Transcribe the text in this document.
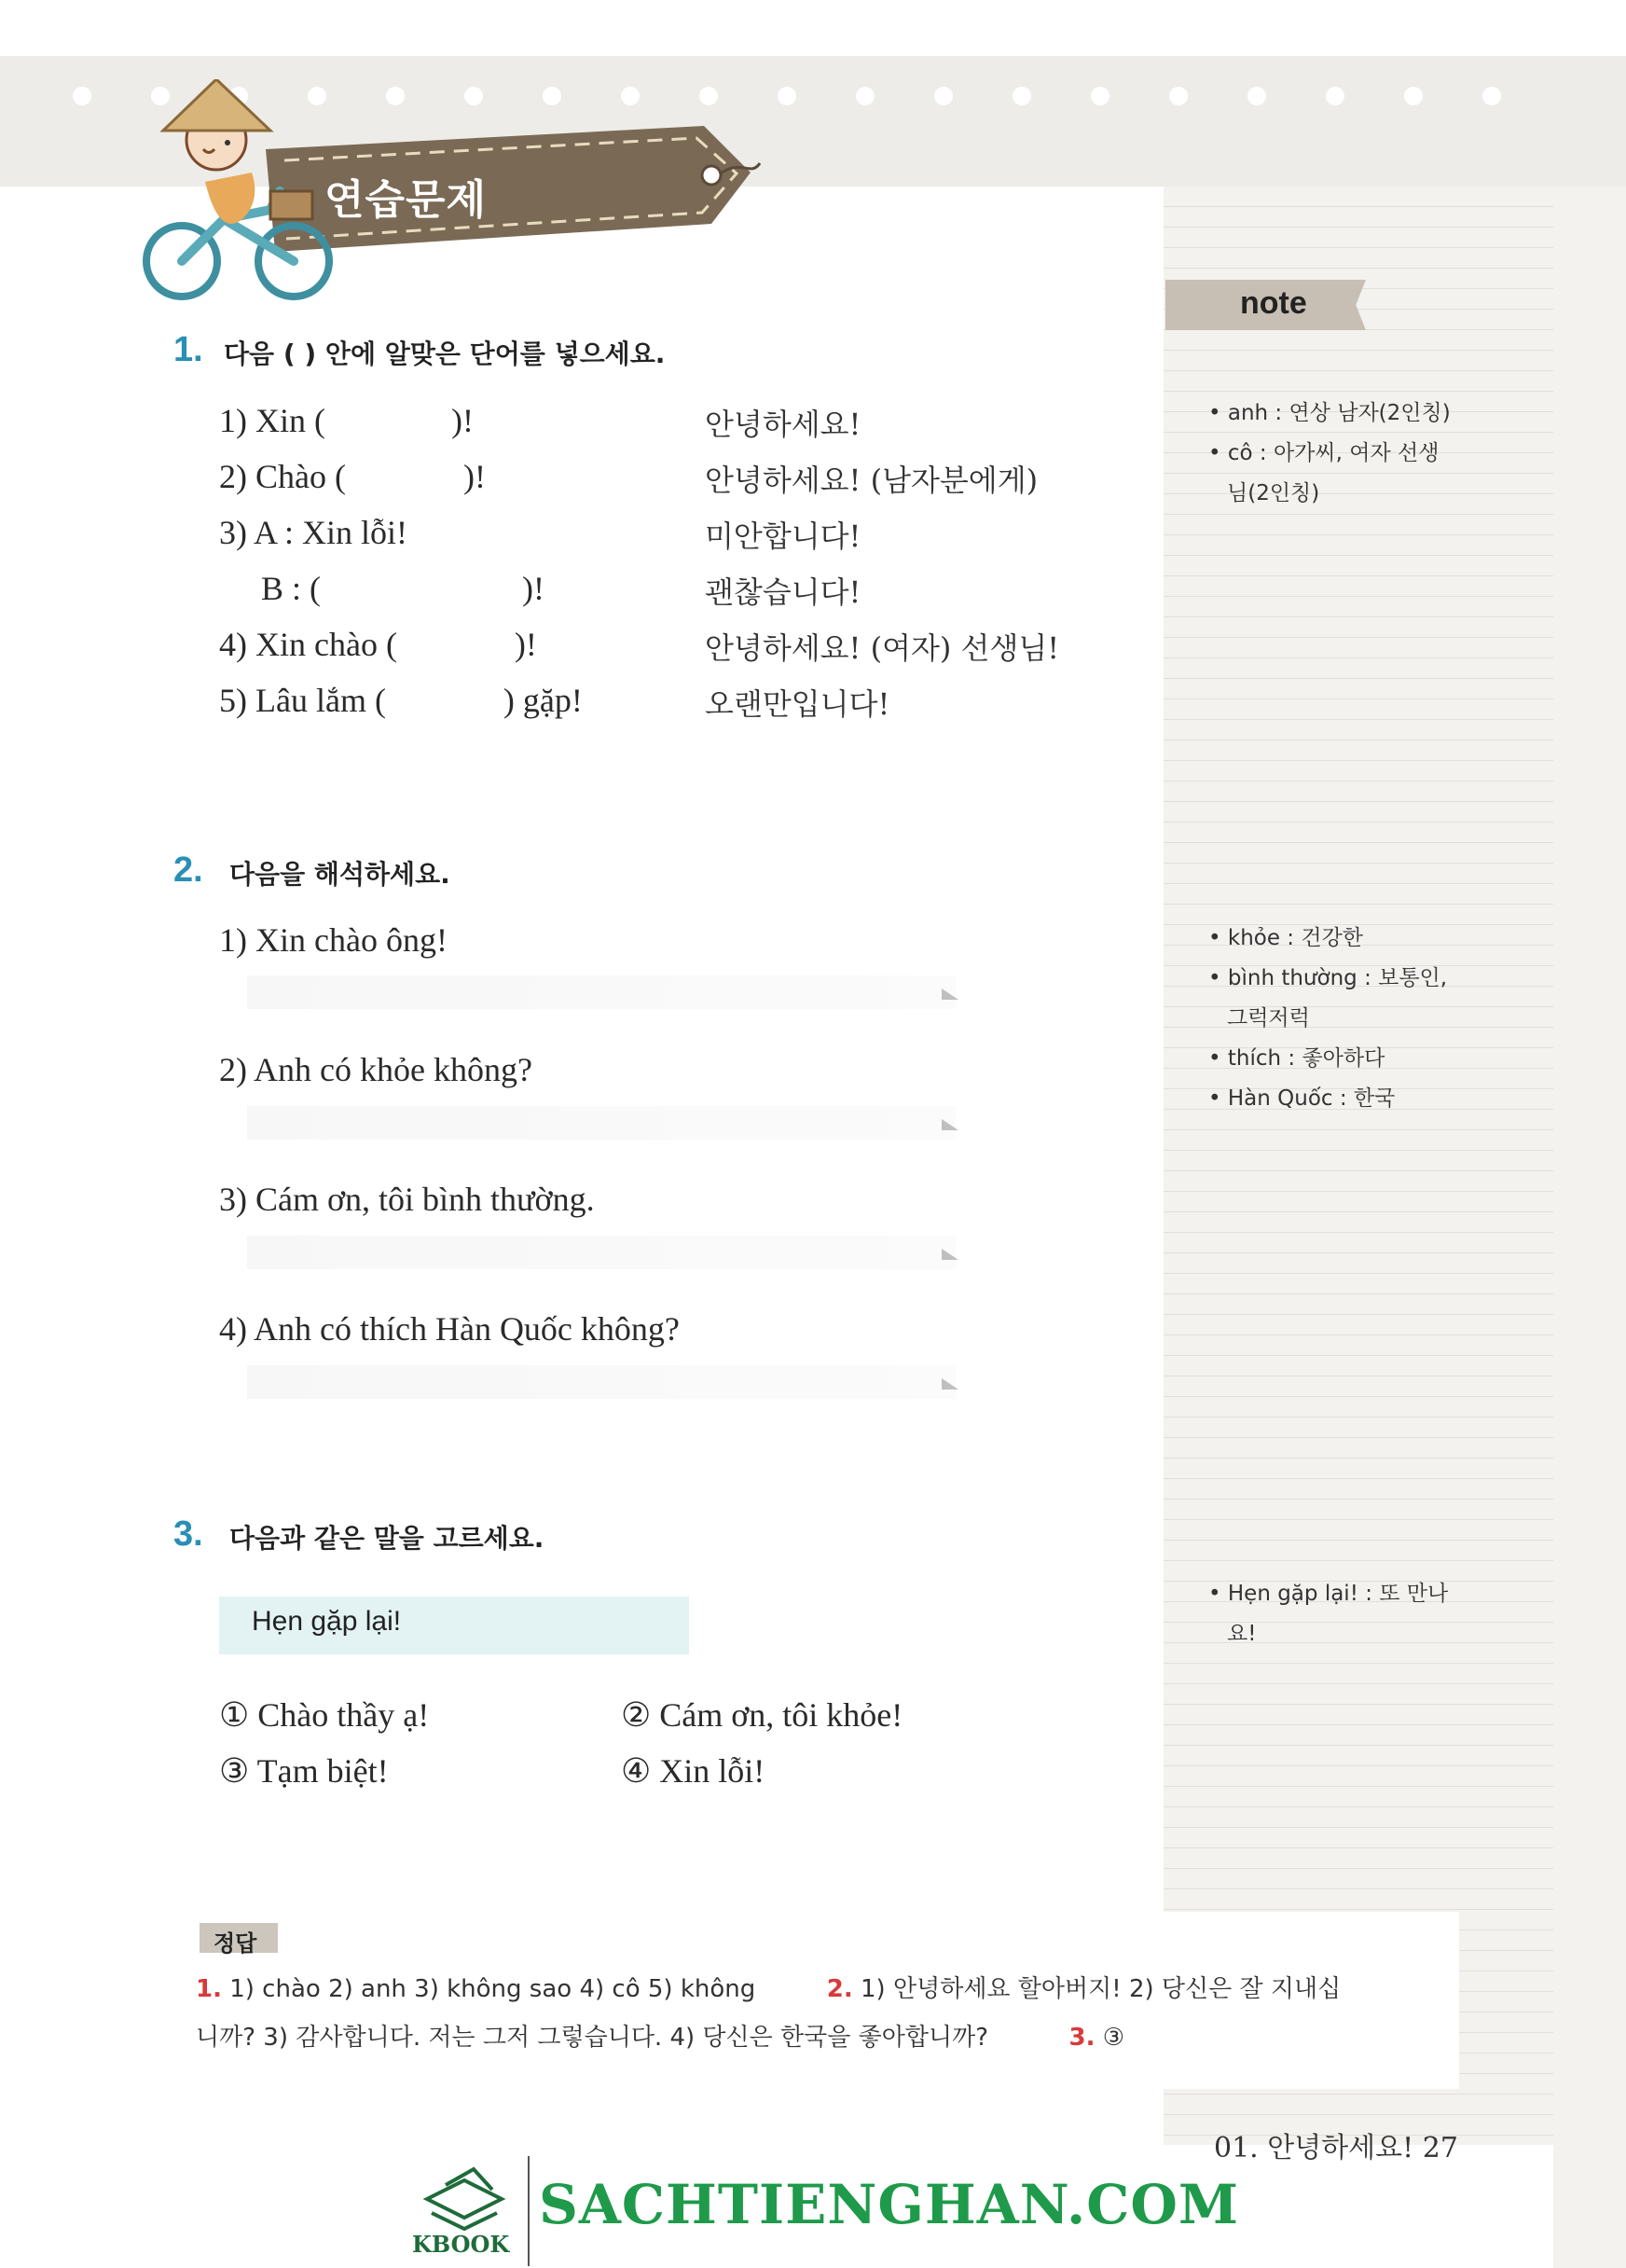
연습문제
note
• anh : 연상 남자(2인칭)
• cô : 아가씨, 여자 선생
님(2인칭)
• khỏe : 건강한
• bình thường : 보통인,
그럭저럭
• thích : 좋아하다
• Hàn Quốc : 한국
• Hẹn gặp lại! : 또 만나
요!
1. 다음 ( ) 안에 알맞은 단어를 넣으세요.
1) Xin (               )!	안녕하세요!
2) Chào (              )!	안녕하세요! (남자분에게)
3) A : Xin lỗi!	미안합니다!
B : (                        )!	괜찮습니다!
4) Xin chào (              )!	안녕하세요! (여자) 선생님!
5) Lâu lắm (              ) gặp!	오랜만입니다!
2. 다음을 해석하세요.
1) Xin chào ông!
2) Anh có khỏe không?
3) Cám ơn, tôi bình thường.
4) Anh có thích Hàn Quốc không?
3. 다음과 같은 말을 고르세요.
Hẹn gặp lại!
① Chào thầy ạ!	② Cám ơn, tôi khỏe!
③ Tạm biệt!	④ Xin lỗi!
정답
1. 1) chào 2) anh 3) không sao 4) cô 5) không	2. 1) 안녕하세요 할아버지! 2) 당신은 잘 지내십
니까? 3) 감사합니다. 저는 그저 그렇습니다. 4) 당신은 한국을 좋아합니까?	3. ③
01. 안녕하세요! 27
KBOOK
SACHTIENGHAN.COM
